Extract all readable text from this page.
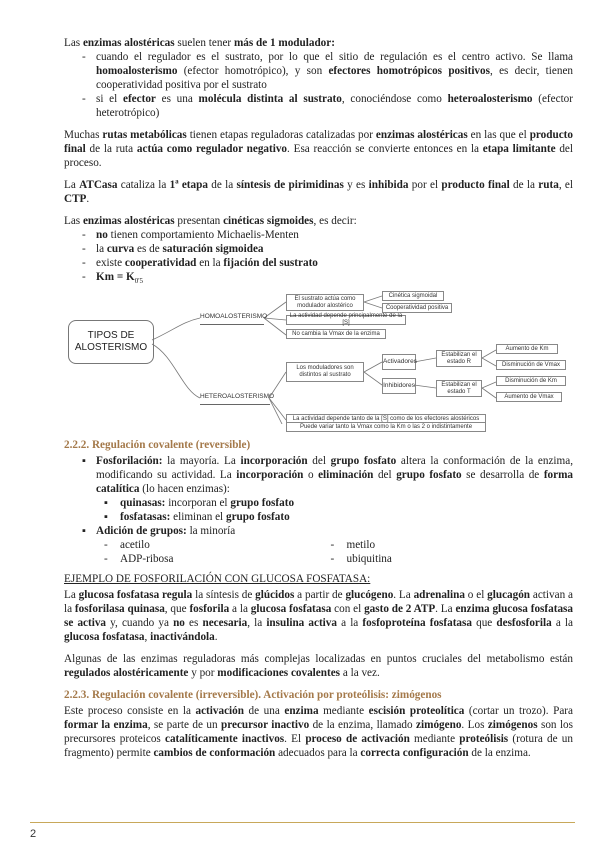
Las enzimas alostéricas suelen tener más de 1 modulador:

- cuando el regulador es el sustrato, por lo que el sitio de regulación es el centro activo. Se llama homoalosterismo (efector homotrópico), y son efectores homotrópicos positivos, es decir, tienen cooperatividad positiva por el sustrato
- si el efector es una molécula distinta al sustrato, conociéndose como heteroalosterismo (efector heterotrópico)

Muchas rutas metabólicas tienen etapas reguladoras catalizadas por enzimas alostéricas en las que el producto final de la ruta actúa como regulador negativo. Esa reacción se convierte entonces en la etapa limitante del proceso.

La ATCasa cataliza la 1ª etapa de la síntesis de pirimidinas y es inhibida por el producto final de la ruta, el CTP.

Las enzimas alostéricas presentan cinéticas sigmoides, es decir:

- no tienen comportamiento Michaelis-Menten
- la curva es de saturación sigmoidea
- existe cooperatividad en la fijación del sustrato
- $Km = K_{0'5}$
TIPOS DE ALOSTERISMO
HOMOALOSTERISMO
HETEROALOSTERISMO
El sustrato actúa como modulador alostérico
La actividad depende principalmente de la [S]
No cambia la Vmax de la enzima
Cinética sigmoidal
Cooperatividad positiva
Los moduladores son distintos al sustrato
La actividad depende tanto de la [S] como de los efectores alostéricos
Activadores
Inhibidores
Estabilizan el estado R
Estabilizan el estado T
Aumento de Km
Disminución de Vmax
Disminución de Km
Aumento de Vmax
Puede variar tanto la Vmax como la Km o las 2 o indistintamente
2.2.2. Regulación covalente (reversible)
▪ Fosforilación: la mayoría. La incorporación del grupo fosfato altera la conformación de la enzima, modificando su actividad. La incorporación o eliminación del grupo fosfato se desarrolla de forma catalítica (lo hacen enzimas):
▪ quinasas: incorporan el grupo fosfato
▪ fosfatasas: eliminan el grupo fosfato
▪ Adición de grupos: la minoría
- acetilo	- metilo
- ADP-ribosa	- ubiquitina

EJEMPLO DE FOSFORILACIÓN CON GLUCOSA FOSFATASA:

La glucosa fosfatasa regula la síntesis de glúcidos a partir de glucógeno. La adrenalina o el glucagón activan a la fosforilasa quinasa, que fosforila a la glucosa fosfatasa con el gasto de 2 ATP. La enzima glucosa fosfatasa se activa y, cuando ya no es necesaria, la insulina activa a la fosfoproteína fosfatasa que desfosforila a la glucosa fosfatasa, inactivándola.

Algunas de las enzimas reguladoras más complejas localizadas en puntos cruciales del metabolismo están regulados alostéricamente y por modificaciones covalentes a la vez.

2.2.3. Regulación covalente (irreversible). Activación por proteólisis: zimógenos

Este proceso consiste en la activación de una enzima mediante escisión proteolítica (cortar un trozo). Para formar la enzima, se parte de un precursor inactivo de la enzima, llamado zimógeno. Los zimógenos son los precursores proteicos catalíticamente inactivos. El proceso de activación mediante proteólisis (rotura de un fragmento) permite cambios de conformación adecuados para la correcta configuración de la enzima.

2
